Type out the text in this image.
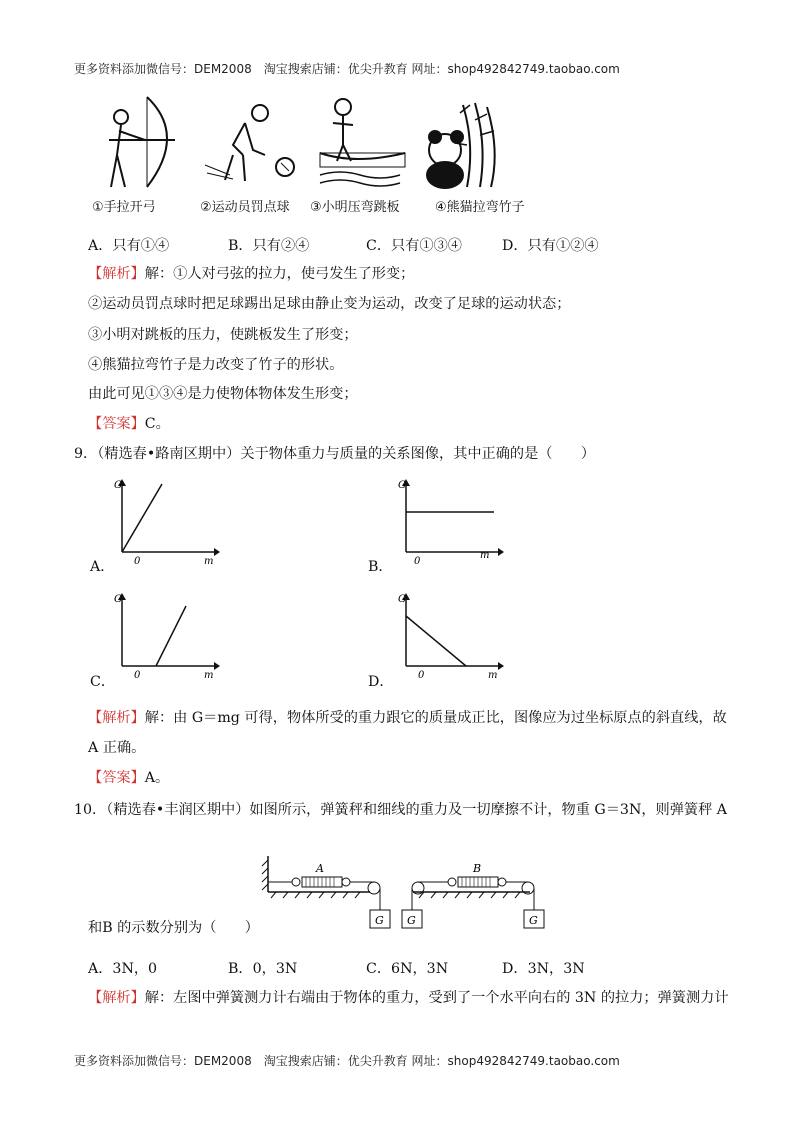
更多资料添加微信号：DEM2008　淘宝搜索店铺：优尖升教育 网址：shop492842749.taobao.com
①手拉开弓	②运动员罚点球 ③小明压弯跳板	④熊猫拉弯竹子
A．只有①④	B．只有②④	C．只有①③④	D．只有①②④
【解析】解：①人对弓弦的拉力，使弓发生了形变；
②运动员罚点球时把足球踢出足球由静止变为运动，改变了足球的运动状态；
③小明对跳板的压力，使跳板发生了形变；
④熊猫拉弯竹子是力改变了竹子的形状。
由此可见①③④是力使物体物体发生形变；
【答案】C。
9．（精选春•路南区期中）关于物体重力与质量的关系图像，其中正确的是（　　）
G
0	m
G
0
m
G
0	m
G
0	m
A．	B．
C．	D．
【解析】解：由 G＝mg 可得，物体所受的重力跟它的质量成正比，图像应为过坐标原点的斜直线，故
A 正确。
【答案】A。
10．（精选春•丰润区期中）如图所示，弹簧秤和细线的重力及一切摩擦不计，物重 G＝3N，则弹簧秤 A
A
G G
B
G
和B 的示数分别为（　　）
A．3N，0	B．0，3N	C．6N，3N	D．3N，3N
【解析】解：左图中弹簧测力计右端由于物体的重力，受到了一个水平向右的 3N 的拉力；弹簧测力计
更多资料添加微信号：DEM2008　淘宝搜索店铺：优尖升教育 网址：shop492842749.taobao.com
